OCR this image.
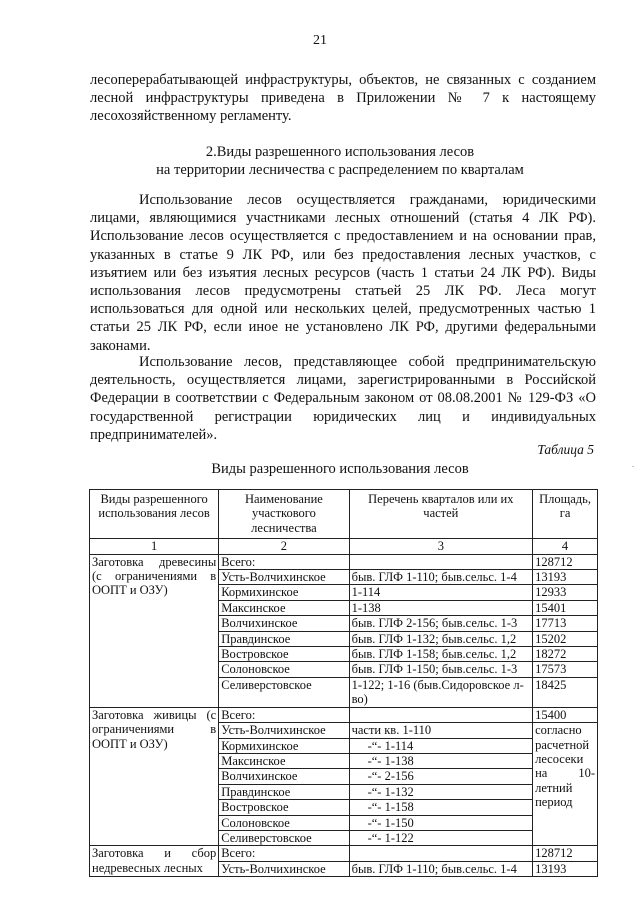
21

лесоперерабатывающей инфраструктуры, объектов, не связанных с созданием лесной инфраструктуры приведена в Приложении № 7 к настоящему лесохозяйственному регламенту.

2.Виды разрешенного использования лесов
на территории лесничества с распределением по кварталам

Использование лесов осуществляется гражданами, юридическими лицами, являющимися участниками лесных отношений (статья 4 ЛК РФ). Использование лесов осуществляется с предоставлением и на основании прав, указанных в статье 9 ЛК РФ, или без предоставления лесных участков, с изъятием или без изъятия лесных ресурсов (часть 1 статьи 24 ЛК РФ). Виды использования лесов предусмотрены статьей 25 ЛК РФ. Леса могут использоваться для одной или нескольких целей, предусмотренных частью 1 статьи 25 ЛК РФ, если иное не установлено ЛК РФ, другими федеральными законами.

Использование лесов, представляющее собой предпринимательскую деятельность, осуществляется лицами, зарегистрированными в Российской Федерации в соответствии с Федеральным законом от 08.08.2001 № 129-ФЗ «О государственной регистрации юридических лиц и индивидуальных предпринимателей».

Таблица 5
Виды разрешенного использования лесов
Виды разрешенного использования лесов	Наименование участкового лесничества	Перечень кварталов или их частей	Площадь, га
1	2	3	4
Заготовка древесины (с ограничениями в ООПТ и ОЗУ)	Всего:		128712
	Усть-Волчихинское	быв. ГЛФ 1-110; быв.сельс. 1-4	13193
	Кормихинское	1-114	12933
	Максинское	1-138	15401
	Волчихинское	быв. ГЛФ 2-156; быв.сельс. 1-3	17713
	Правдинское	быв. ГЛФ 1-132; быв.сельс. 1,2	15202
	Востровское	быв. ГЛФ 1-158; быв.сельс. 1,2	18272
	Солоновское	быв. ГЛФ 1-150; быв.сельс. 1-3	17573
	Селиверстовское	1-122; 1-16 (быв.Сидоровское л-во)	18425
Заготовка живицы (с ограничениями в ООПТ и ОЗУ)	Всего:		15400
	Усть-Волчихинское	части кв. 1-110	согласно расчетной лесосеки на 10-летний период
	Кормихинское	-“- 1-114	
	Максинское	-“- 1-138	
	Волчихинское	-“- 2-156	
	Правдинское	-“- 1-132	
	Востровское	-“- 1-158	
	Солоновское	-“- 1-150	
	Селиверстовское	-“- 1-122	
Заготовка и сбор недревесных лесных	Всего:		128712
	Усть-Волчихинское	быв. ГЛФ 1-110; быв.сельс. 1-4	13193
·
